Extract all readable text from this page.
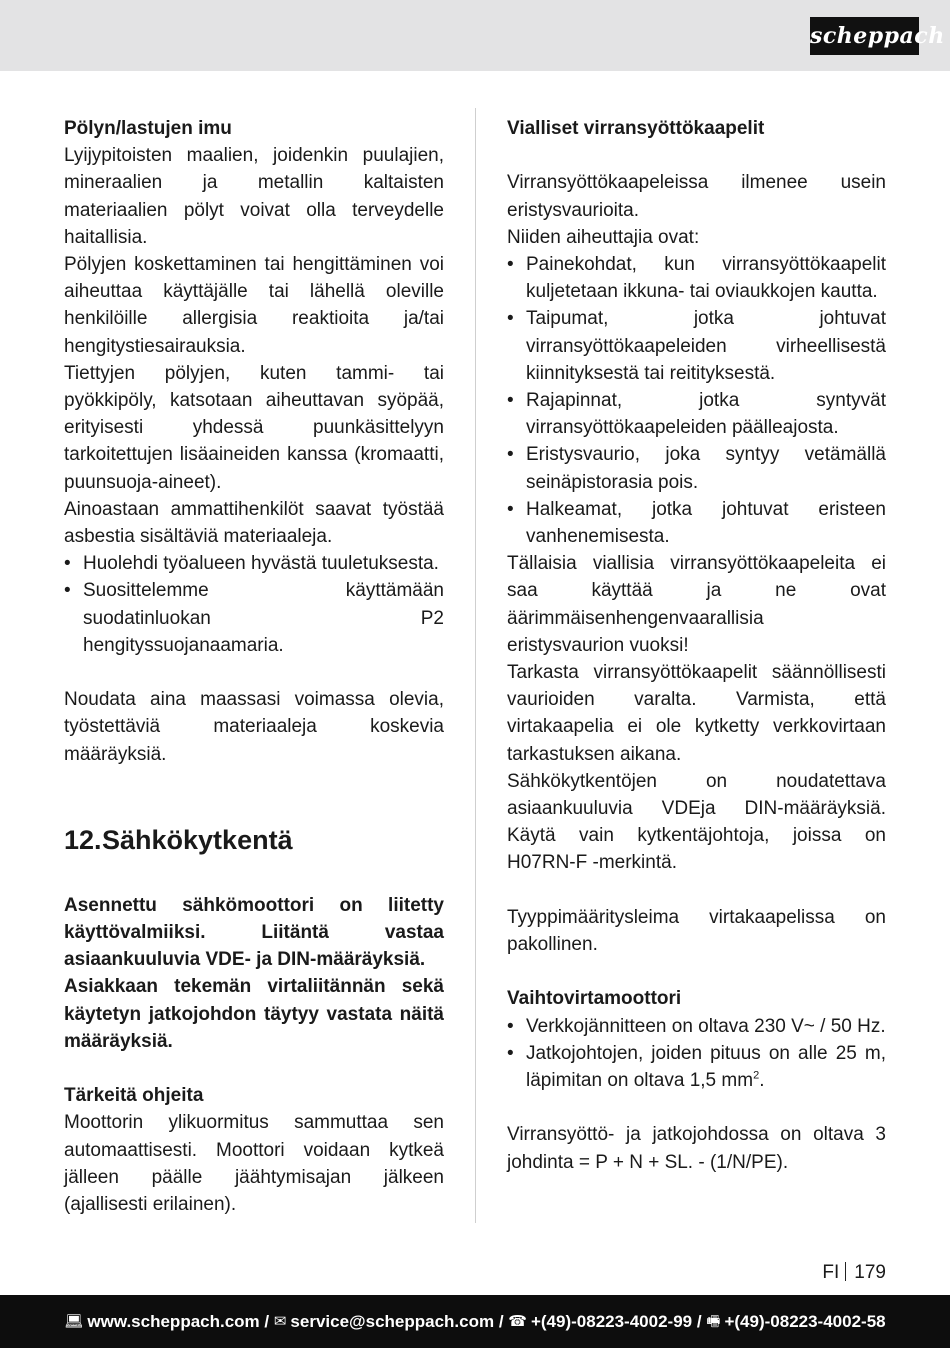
scheppach

Pölyn/lastujen imu

Lyijypitoisten maalien, joidenkin puulajien, mineraalien ja metallin kaltaisten materiaalien pölyt voivat olla terveydelle haitallisia.

Pölyjen koskettaminen tai hengittäminen voi aiheuttaa käyttäjälle tai lähellä oleville henkilöille allergisia reaktioita ja/tai hengitystiesairauksia.

Tiettyjen pölyjen, kuten tammi- tai pyökkipöly, katsotaan aiheuttavan syöpää, erityisesti yhdessä puunkäsittelyyn tarkoitettujen lisäaineiden kanssa (kromaatti, puunsuoja-aineet).

Ainoastaan ammattihenkilöt saavat työstää asbestia sisältäviä materiaaleja.

• Huolehdi työalueen hyvästä tuuletuksesta.
• Suosittelemme käyttämään suodatinluokan P2 hengityssuojanaamaria.

Noudata aina maassasi voimassa olevia, työstettäviä materiaaleja koskevia määräyksiä.

12. Sähkökytkentä

Asennettu sähkömoottori on liitetty käyttövalmiiksi. Liitäntä vastaa asiaankuuluvia VDE- ja DIN-määräyksiä.

Asiakkaan tekemän virtaliitännän sekä käytetyn jatkojohdon täytyy vastata näitä määräyksiä.

Tärkeitä ohjeita

Moottorin ylikuormitus sammuttaa sen automaattisesti. Moottori voidaan kytkeä jälleen päälle jäähtymisajan jälkeen (ajallisesti erilainen).

Vialliset virransyöttökaapelit

Virransyöttökaapeleissa ilmenee usein eristysvaurioita.

Niiden aiheuttajia ovat:

• Painekohdat, kun virransyöttökaapelit kuljetetaan ikkuna- tai oviaukkojen kautta.
• Taipumat, jotka johtuvat virransyöttökaapeleiden virheellisestä kiinnityksestä tai reitityksestä.
• Rajapinnat, jotka syntyvät virransyöttökaapeleiden päälleajosta.
• Eristysvaurio, joka syntyy vetämällä seinäpistorasia pois.
• Halkeamat, jotka johtuvat eristeen vanhenemisesta.

Tällaisia viallisia virransyöttökaapeleita ei saa käyttää ja ne ovat äärimmäisenhengenvaarallisia eristysvaurion vuoksi!

Tarkasta virransyöttökaapelit säännöllisesti vaurioiden varalta. Varmista, että virtakaapelia ei ole kytketty verkkovirtaan tarkastuksen aikana.

Sähkökytkentöjen on noudatettava asiaankuuluvia VDEja DIN-määräyksiä. Käytä vain kytkentäjohtoja, joissa on H07RN-F -merkintä.

Tyyppimääritysleima virtakaapelissa on pakollinen.

Vaihtovirtamoottori

• Verkkojännitteen on oltava 230 V~ / 50 Hz.
• Jatkojohtojen, joiden pituus on alle 25 m, läpimitan on oltava 1,5 $mm^2$.

Virransyöttö- ja jatkojohdossa on oltava 3 johdinta = P + N + SL. - (1/N/PE).

FI 179
💻︎ www.scheppach.com / ✉︎ service@scheppach.com / ☎︎ +(49)-08223-4002-99 / 🖷︎ +(49)-08223-4002-58
